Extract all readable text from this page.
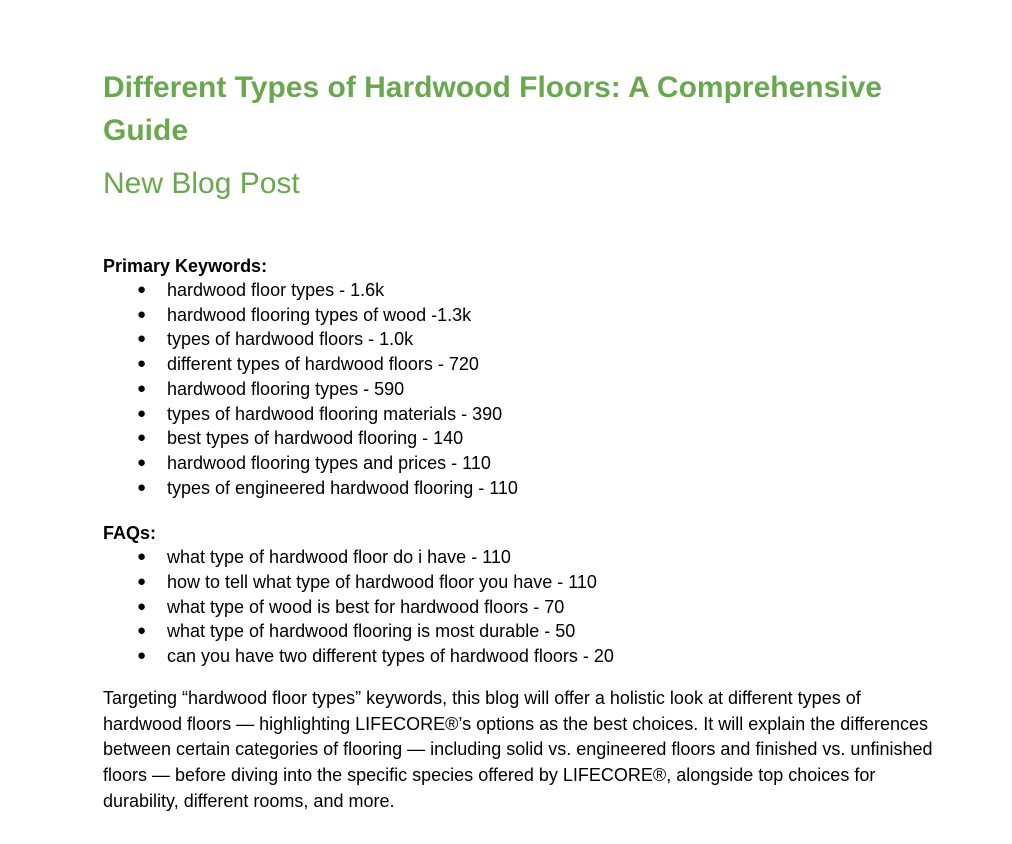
Different Types of Hardwood Floors: A Comprehensive Guide
New Blog Post
Primary Keywords:
● hardwood floor types - 1.6k
● hardwood flooring types of wood -1.3k
● types of hardwood floors - 1.0k
● different types of hardwood floors - 720
● hardwood flooring types - 590
● types of hardwood flooring materials - 390
● best types of hardwood flooring - 140
● hardwood flooring types and prices - 110
● types of engineered hardwood flooring - 110
FAQs:
● what type of hardwood floor do i have - 110
● how to tell what type of hardwood floor you have - 110
● what type of wood is best for hardwood floors - 70
● what type of hardwood flooring is most durable - 50
● can you have two different types of hardwood floors - 20

Targeting “hardwood floor types” keywords, this blog will offer a holistic look at different types of hardwood floors — highlighting LIFECORE®’s options as the best choices. It will explain the differences between certain categories of flooring — including solid vs. engineered floors and finished vs. unfinished floors — before diving into the specific species offered by LIFECORE®, alongside top choices for durability, different rooms, and more.
